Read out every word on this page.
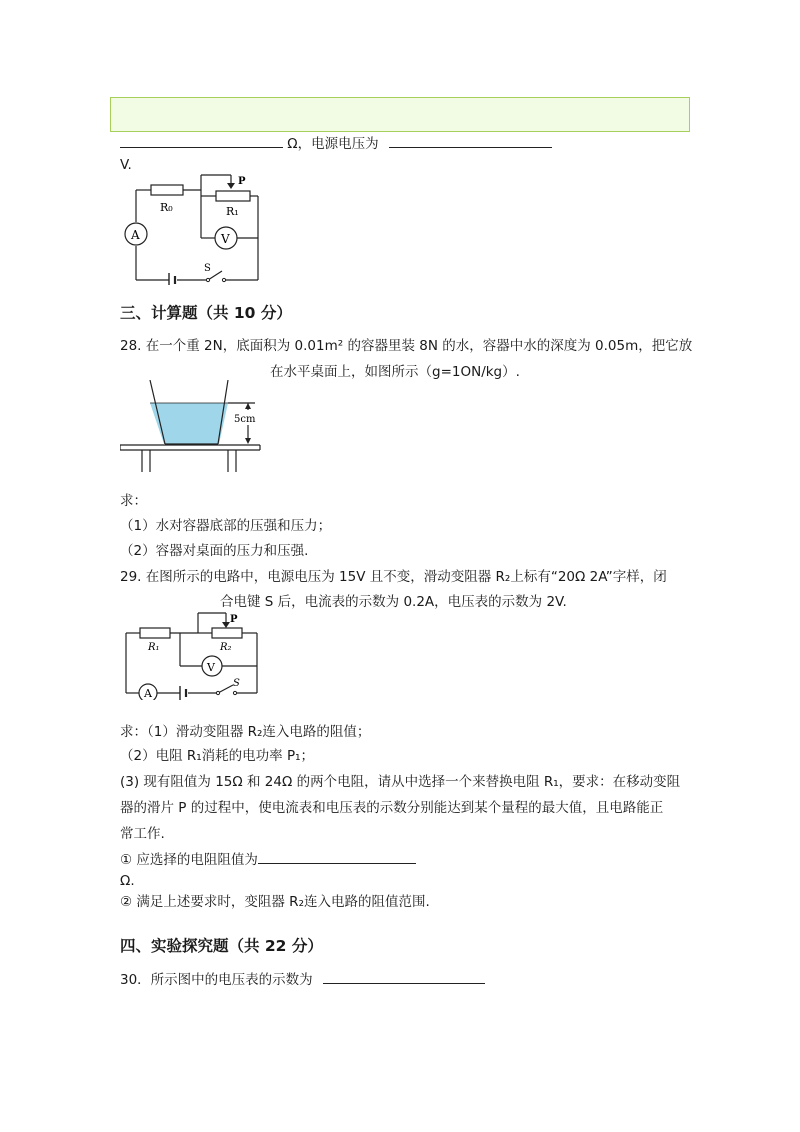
Ω，电源电压为
V.
A	V
R₀	R₁
P
S
三、计算题（共 10 分）
28. 在一个重 2N，底面积为 0.01m² 的容器里装 8N 的水，容器中水的深度为 0.05m，把它放
在水平桌面上，如图所示（g=1ON/kg）.
5cm
求：
（1）水对容器底部的压强和压力；
（2）容器对桌面的压力和压强.
29. 在图所示的电路中，电源电压为 15V 且不变，滑动变阻器 R₂上标有“20Ω 2A”字样，闭
合电键 S 后，电流表的示数为 0.2A，电压表的示数为 2V.
A
V
R₁	R₂
P
S
求：（1）滑动变阻器 R₂连入电路的阻值；
（2）电阻 R₁消耗的电功率 P₁；
(3) 现有阻值为 15Ω 和 24Ω 的两个电阻，请从中选择一个来替换电阻 R₁，要求：在移动变阻
器的滑片 P 的过程中，使电流表和电压表的示数分别能达到某个量程的最大值，且电路能正
常工作.
① 应选择的电阻阻值为
Ω.
② 满足上述要求时，变阻器 R₂连入电路的阻值范围.
四、实验探究题（共 22 分）
30．所示图中的电压表的示数为
